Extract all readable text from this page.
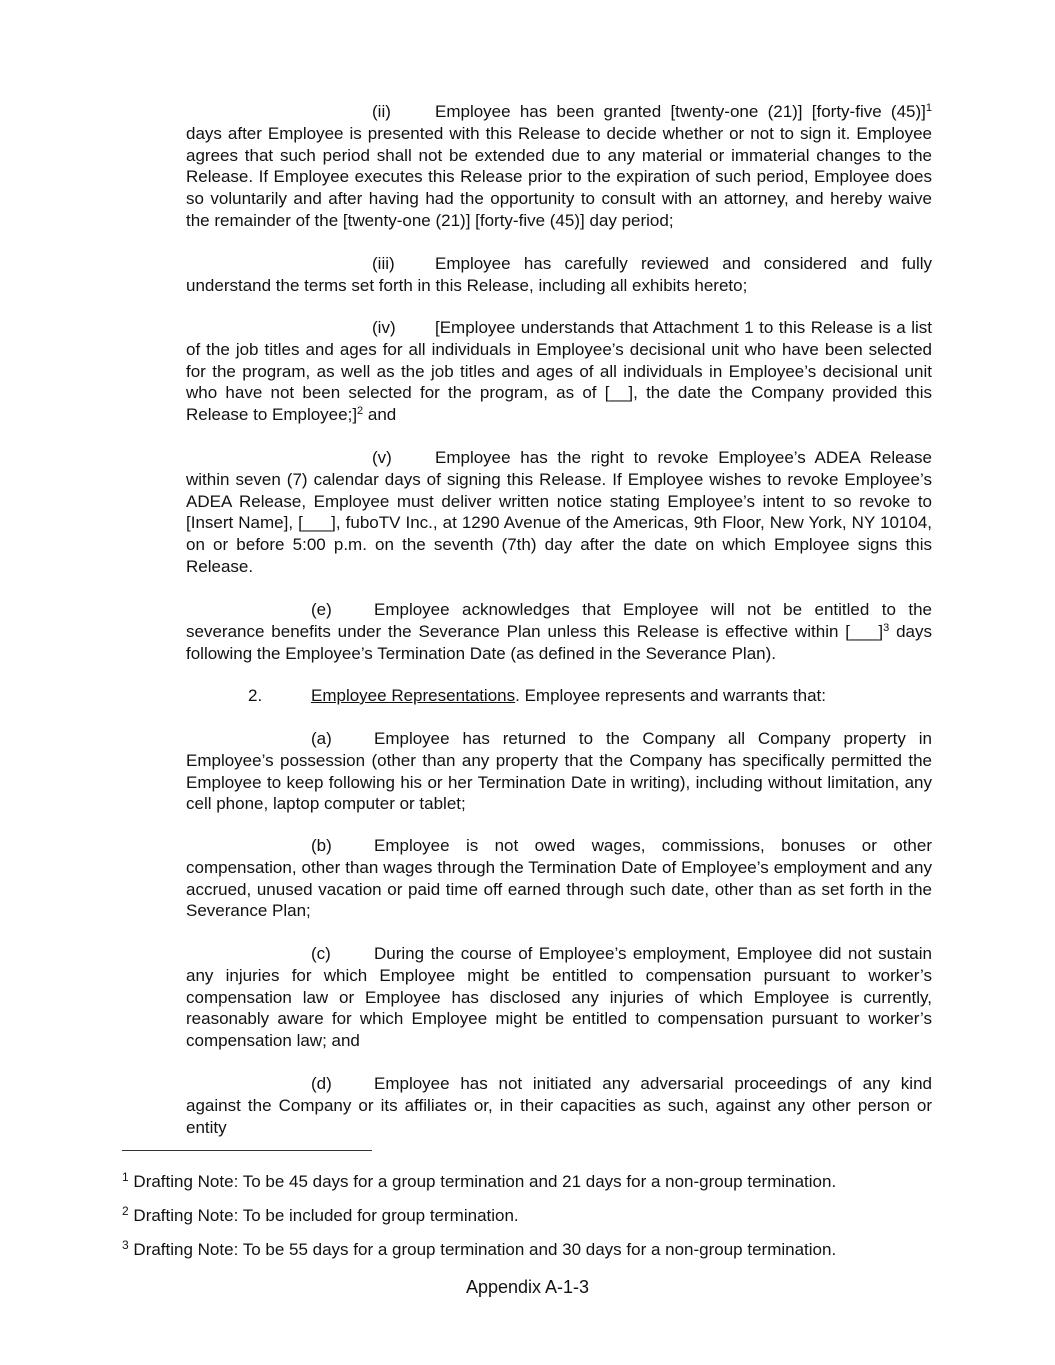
(ii)	Employee has been granted [twenty-one (21)] [forty-five (45)]$^1$ days after Employee is presented with this Release to decide whether or not to sign it. Employee agrees that such period shall not be extended due to any material or immaterial changes to the Release. If Employee executes this Release prior to the expiration of such period, Employee does so voluntarily and after having had the opportunity to consult with an attorney, and hereby waive the remainder of the [twenty-one (21)] [forty-five (45)] day period;

(iii) Employee has carefully reviewed and considered and fully understand the terms set forth in this Release, including all exhibits hereto;

(iv) [Employee understands that Attachment 1 to this Release is a list of the job titles and ages for all individuals in Employee’s decisional unit who have been selected for the program, as well as the job titles and ages of all individuals in Employee’s decisional unit who have not been selected for the program, as of [__], the date the Company provided this Release to Employee;]$^2$ and

(v)	Employee has the right to revoke Employee’s ADEA Release within seven (7) calendar days of signing this Release. If Employee wishes to revoke Employee’s ADEA Release, Employee must deliver written notice stating Employee’s intent to so revoke to [Insert Name], [___], fuboTV Inc., at 1290 Avenue of the Americas, 9th Floor, New York, NY 10104, on or before 5:00 p.m. on the seventh (7th) day after the date on which Employee signs this Release.

(e) Employee acknowledges that Employee will not be entitled to the severance benefits under the Severance Plan unless this Release is effective within [___]$^3$ days following the Employee’s Termination Date (as defined in the Severance Plan).

2.	Employee Representations. Employee represents and warrants that:

(a) Employee has returned to the Company all Company property in Employee’s possession (other than any property that the Company has specifically permitted the Employee to keep following his or her Termination Date in writing), including without limitation, any cell phone, laptop computer or tablet;

(b) Employee is not owed wages, commissions, bonuses or other compensation, other than wages through the Termination Date of Employee’s employment and any accrued, unused vacation or paid time off earned through such date, other than as set forth in the Severance Plan;

(c)	During the course of Employee’s employment, Employee did not sustain any injuries for which Employee might be entitled to compensation pursuant to worker’s compensation law or Employee has disclosed any injuries of which Employee is currently, reasonably aware for which Employee might be entitled to compensation pursuant to worker’s compensation law; and

(d) Employee has not initiated any adversarial proceedings of any kind against the Company or its affiliates or, in their capacities as such, against any other person or entity

$^1$ Drafting Note: To be 45 days for a group termination and 21 days for a non-group termination.

$^2$ Drafting Note: To be included for group termination.

$^3$ Drafting Note: To be 55 days for a group termination and 30 days for a non-group termination.

Appendix A-1-3
